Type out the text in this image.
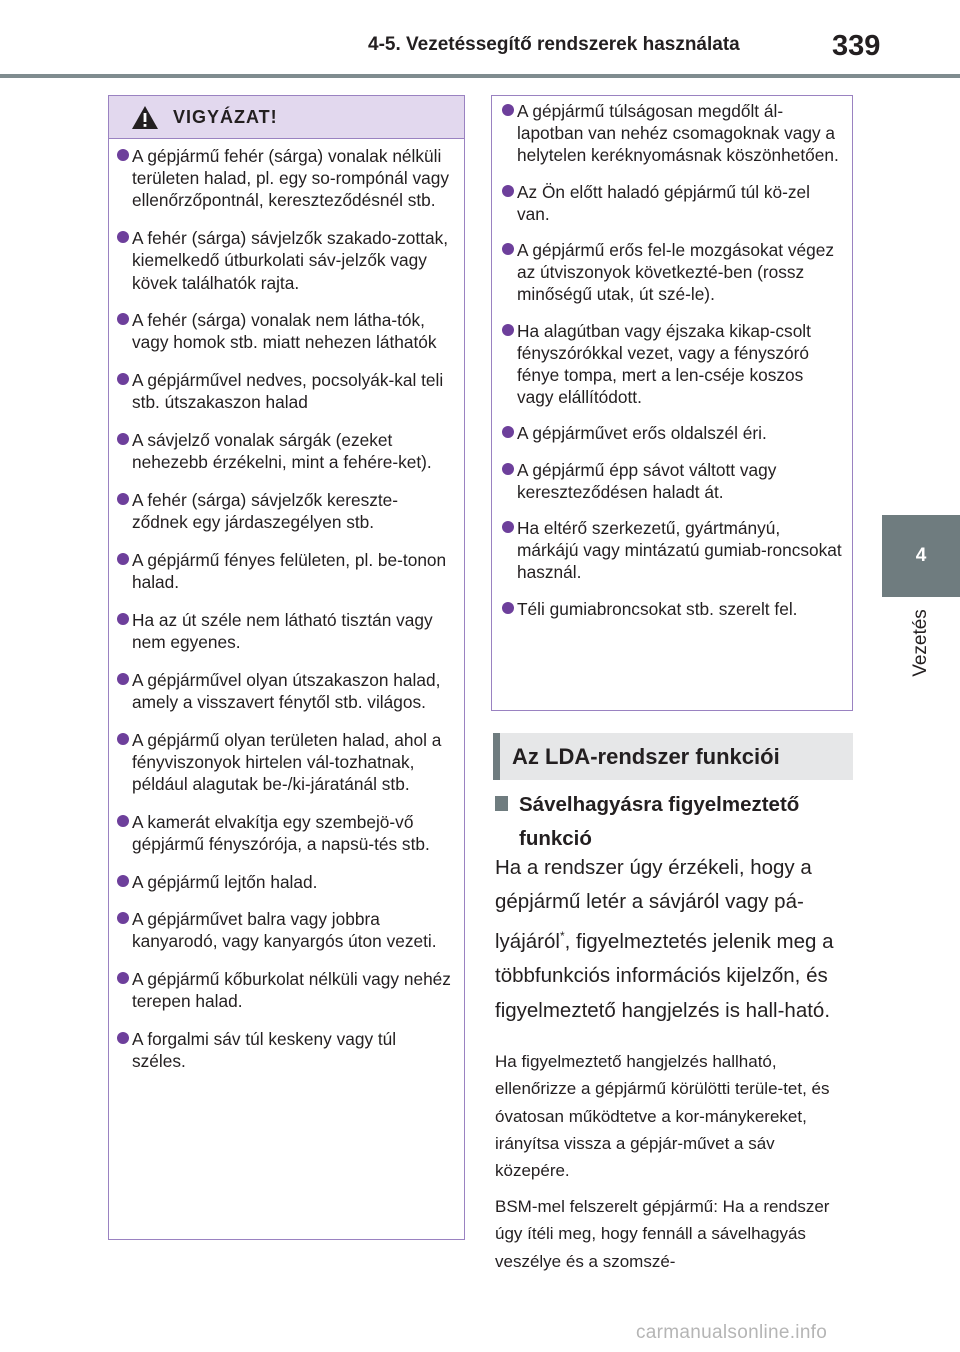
4-5. Vezetéssegítő rendszerek használata	339
4
Vezetés
VIGYÁZAT!
A gépjármű fehér (sárga) vonalak nélküli területen halad, pl. egy so-rompónál vagy ellenőrzőpontnál, kereszteződésnél stb.
A fehér (sárga) sávjelzők szakado-zottak, kiemelkedő útburkolati sáv-jelzők vagy kövek találhatók rajta.
A fehér (sárga) vonalak nem látha-tók, vagy homok stb. miatt nehezen láthatók
A gépjárművel nedves, pocsolyák-kal teli stb. útszakaszon halad
A sávjelző vonalak sárgák (ezeket nehezebb érzékelni, mint a fehére-ket).
A fehér (sárga) sávjelzők kereszte-ződnek egy járdaszegélyen stb.
A gépjármű fényes felületen, pl. be-tonon halad.
Ha az út széle nem látható tisztán vagy nem egyenes.
A gépjárművel olyan útszakaszon halad, amely a visszavert fénytől stb. világos.
A gépjármű olyan területen halad, ahol a fényviszonyok hirtelen vál-tozhatnak, például alagutak be-/ki-járatánál stb.
A kamerát elvakítja egy szembejö-vő gépjármű fényszórója, a napsü-tés stb.
A gépjármű lejtőn halad.
A gépjárművet balra vagy jobbra kanyarodó, vagy kanyargós úton vezeti.
A gépjármű kőburkolat nélküli vagy nehéz terepen halad.
A forgalmi sáv túl keskeny vagy túl széles.
A gépjármű túlságosan megdőlt ál-lapotban van nehéz csomagoknak vagy a helytelen keréknyomásnak köszönhetően.
Az Ön előtt haladó gépjármű túl kö-zel van.
A gépjármű erős fel-le mozgásokat végez az útviszonyok következté-ben (rossz minőségű utak, út szé-le).
Ha alagútban vagy éjszaka kikap-csolt fényszórókkal vezet, vagy a fényszóró fénye tompa, mert a len-cséje koszos vagy elállítódott.
A gépjárművet erős oldalszél éri.
A gépjármű épp sávot váltott vagy kereszteződésen haladt át.
Ha eltérő szerkezetű, gyártmányú, márkájú vagy mintázatú gumiab-roncsokat használ.
Téli gumiabroncsokat stb. szerelt fel.
Az LDA-rendszer funkciói
Sávelhagyásra figyelmeztető
funkció
Ha a rendszer úgy érzékeli, hogy a gépjármű letér a sávjáról vagy pá-lyájáról*, figyelmeztetés jelenik meg a többfunkciós információs kijelzőn, és figyelmeztető hangjelzés is hall-ható.
Ha figyelmeztető hangjelzés hallható, ellenőrizze a gépjármű körülötti terüle-tet, és óvatosan működtetve a kor-mánykereket, irányítsa vissza a gépjár-művet a sáv közepére.
BSM-mel felszerelt gépjármű: Ha a rendszer úgy ítéli meg, hogy fennáll a sávelhagyás veszélye és a szomszé-
carmanualsonline.info
